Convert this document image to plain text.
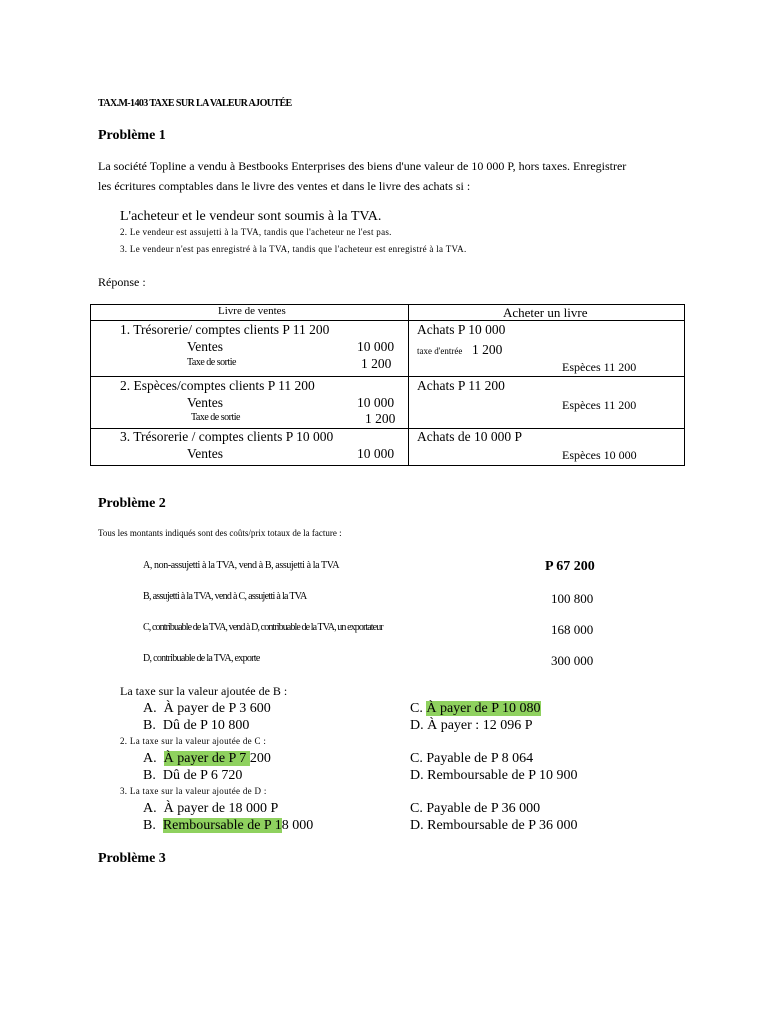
TAX.M-1403 TAXE SUR LA VALEUR AJOUTÉE
Problème 1
La société Topline a vendu à Bestbooks Enterprises des biens d'une valeur de 10 000 P, hors taxes. Enregistrer
les écritures comptables dans le livre des ventes et dans le livre des achats si :
L'acheteur et le vendeur sont soumis à la TVA.
2. Le vendeur est assujetti à la TVA, tandis que l'acheteur ne l'est pas.
3. Le vendeur n'est pas enregistré à la TVA, tandis que l'acheteur est enregistré à la TVA.
Réponse :
Livre de ventes	Acheter un livre
1. Trésorerie/ comptes clients P 11 200
Ventes	10 000
Taxe de sortie	1 200
Achats P 10 000
taxe d'entrée 1 200
Espèces 11 200
2. Espèces/comptes clients P 11 200
Ventes	10 000
Taxe de sortie	1 200
Achats P 11 200
Espèces 11 200
3. Trésorerie / comptes clients P 10 000
Ventes	10 000
Achats de 10 000 P
Espèces 10 000
Problème 2
Tous les montants indiqués sont des coûts/prix totaux de la facture :
A, non-assujetti à la TVA, vend à B, assujetti à la TVA	P 67 200
B, assujetti à la TVA, vend à C, assujetti à la TVA	100 800
C, contribuable de la TVA, vend à D, contribuable de la TVA, un exportateur	168 000
D, contribuable de la TVA, exporte	300 000
La taxe sur la valeur ajoutée de B :
A. À payer de P 3 600
B. Dû de P 10 800
C. À payer de P 10 080
D. À payer : 12 096 P
2. La taxe sur la valeur ajoutée de C :
A. À payer de P 7 200
B. Dû de P 6 720
C. Payable de P 8 064
D. Remboursable de P 10 900
3. La taxe sur la valeur ajoutée de D :
A. À payer de 18 000 P
B. Remboursable de P 18 000
C. Payable de P 36 000
D. Remboursable de P 36 000
Problème 3
